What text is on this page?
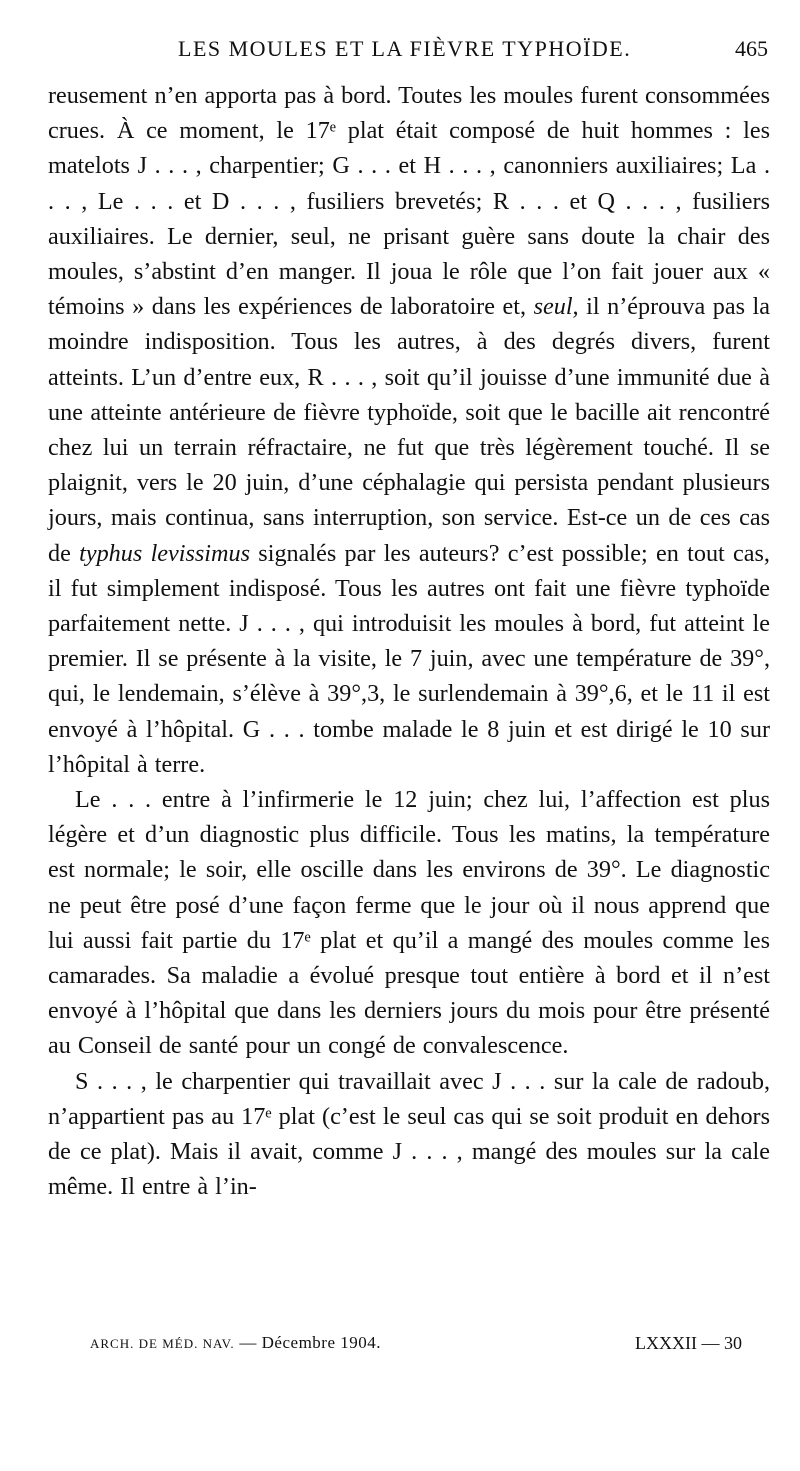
LES MOULES ET LA FIÈVRE TYPHOÏDE.	465

reusement n’en apporta pas à bord. Toutes les moules furent consommées crues. À ce moment, le 17ᵉ plat était composé de huit hommes : les matelots J . . . , charpentier; G . . . et H . . . , canonniers auxiliaires; La . . . , Le . . . et D . . . , fusiliers brevetés; R . . . et Q . . . , fusiliers auxiliaires. Le dernier, seul, ne prisant guère sans doute la chair des moules, s’abstint d’en manger. Il joua le rôle que l’on fait jouer aux « témoins » dans les expériences de laboratoire et, seul, il n’éprouva pas la moindre indisposition. Tous les autres, à des degrés divers, furent atteints. L’un d’entre eux, R . . . , soit qu’il jouisse d’une immunité due à une atteinte antérieure de fièvre typhoïde, soit que le bacille ait rencontré chez lui un terrain réfractaire, ne fut que très légèrement touché. Il se plaignit, vers le 20 juin, d’une céphalagie qui persista pendant plusieurs jours, mais continua, sans interruption, son service. Est-ce un de ces cas de typhus levissimus signalés par les auteurs? c’est possible; en tout cas, il fut simplement indisposé. Tous les autres ont fait une fièvre typhoïde parfaitement nette. J . . . , qui introduisit les moules à bord, fut atteint le premier. Il se présente à la visite, le 7 juin, avec une température de 39°, qui, le lendemain, s’élève à 39°,3, le surlendemain à 39°,6, et le 11 il est envoyé à l’hôpital. G . . . tombe malade le 8 juin et est dirigé le 10 sur l’hôpital à terre.

Le . . . entre à l’infirmerie le 12 juin; chez lui, l’affection est plus légère et d’un diagnostic plus difficile. Tous les matins, la température est normale; le soir, elle oscille dans les environs de 39°. Le diagnostic ne peut être posé d’une façon ferme que le jour où il nous apprend que lui aussi fait partie du 17ᵉ plat et qu’il a mangé des moules comme les camarades. Sa maladie a évolué presque tout entière à bord et il n’est envoyé à l’hôpital que dans les derniers jours du mois pour être présenté au Conseil de santé pour un congé de convalescence.

S . . . , le charpentier qui travaillait avec J . . . sur la cale de radoub, n’appartient pas au 17ᵉ plat (c’est le seul cas qui se soit produit en dehors de ce plat). Mais il avait, comme J . . . , mangé des moules sur la cale même. Il entre à l’in-

ARCH. DE MÉD. NAV. — Décembre 1904.	LXXXII — 30
